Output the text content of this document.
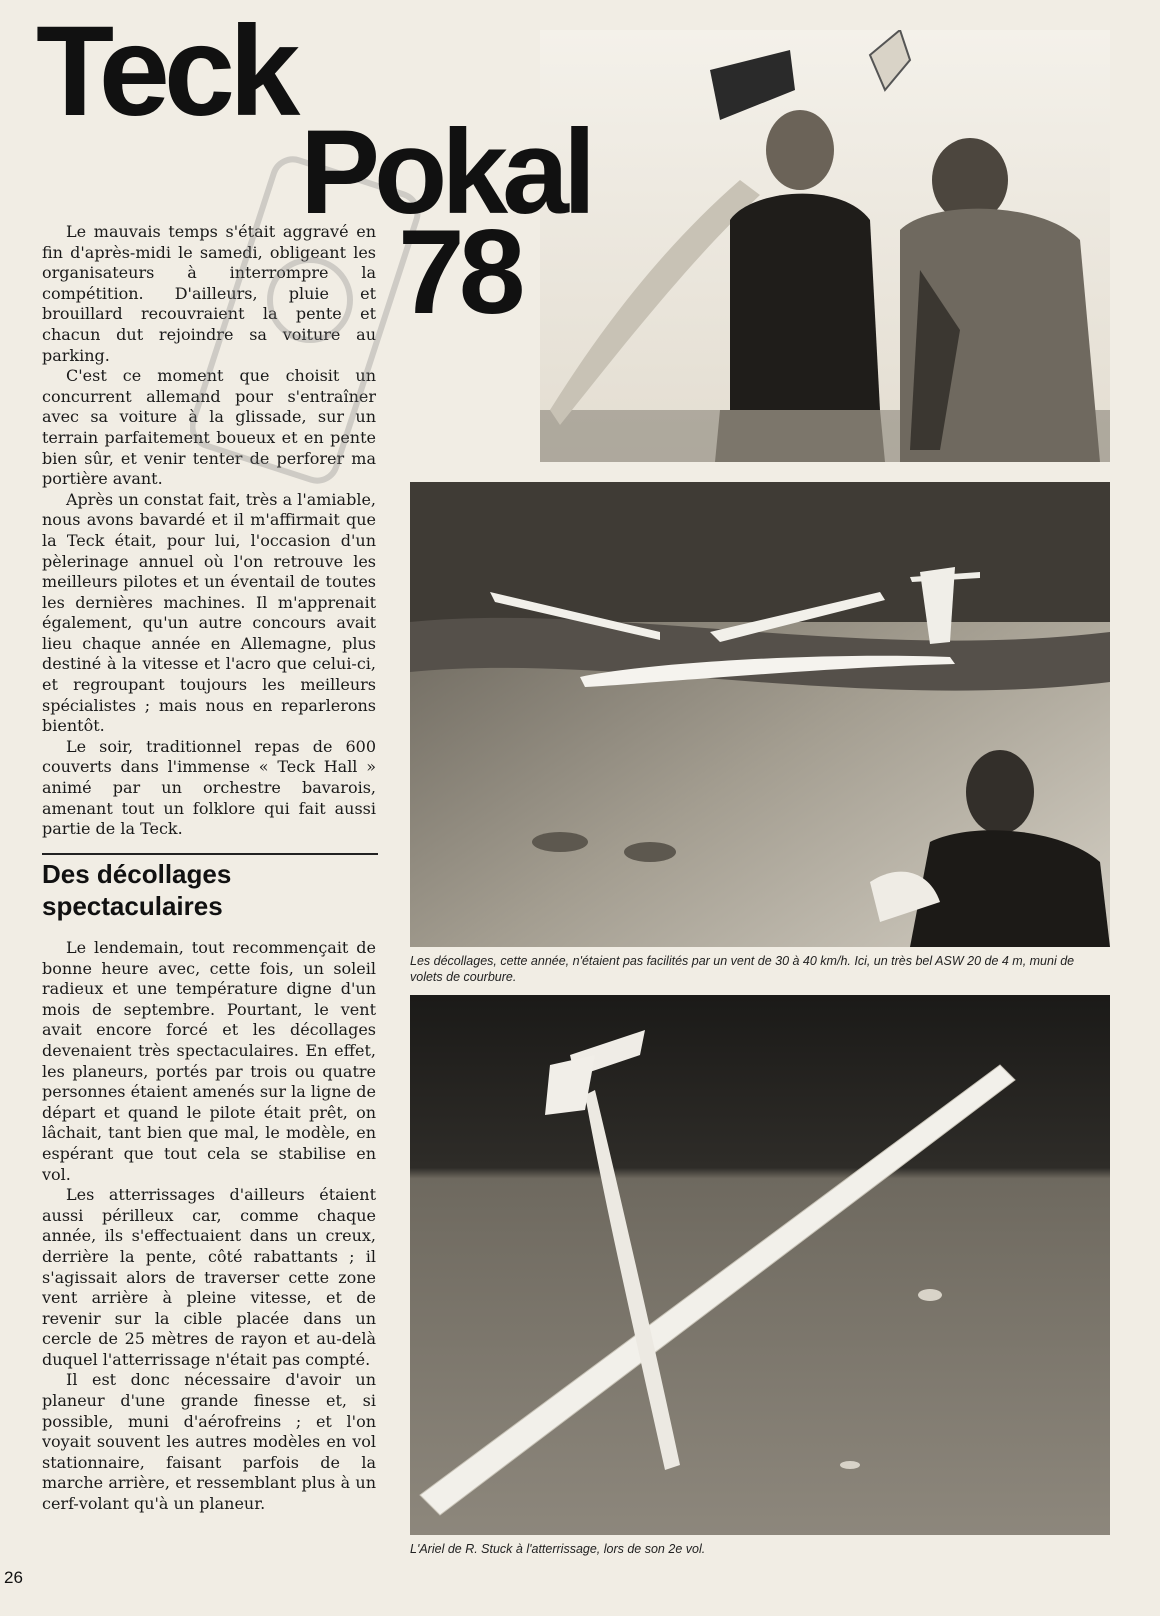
Teck
Pokal
78

Le mauvais temps s'était aggravé en fin d'après-midi le samedi, obligeant les organisateurs à interrompre la compétition. D'ailleurs, pluie et brouillard recouvraient la pente et chacun dut rejoindre sa voiture au parking.

C'est ce moment que choisit un concurrent allemand pour s'entraîner avec sa voiture à la glissade, sur un terrain parfaitement boueux et en pente bien sûr, et venir tenter de perforer ma portière avant.

Après un constat fait, très a l'amiable, nous avons bavardé et il m'affirmait que la Teck était, pour lui, l'occasion d'un pèlerinage annuel où l'on retrouve les meilleurs pilotes et un éventail de toutes les dernières machines. Il m'apprenait également, qu'un autre concours avait lieu chaque année en Allemagne, plus destiné à la vitesse et l'acro que celui-ci, et regroupant toujours les meilleurs spécialistes ; mais nous en reparlerons bientôt.

Le soir, traditionnel repas de 600 couverts dans l'immense « Teck Hall » animé par un orchestre bavarois, amenant tout un folklore qui fait aussi partie de la Teck.

Des décollages spectaculaires

Le lendemain, tout recommençait de bonne heure avec, cette fois, un soleil radieux et une température digne d'un mois de septembre. Pourtant, le vent avait encore forcé et les décollages devenaient très spectaculaires. En effet, les planeurs, portés par trois ou quatre personnes étaient amenés sur la ligne de départ et quand le pilote était prêt, on lâchait, tant bien que mal, le modèle, en espérant que tout cela se stabilise en vol.

Les atterrissages d'ailleurs étaient aussi périlleux car, comme chaque année, ils s'effectuaient dans un creux, derrière la pente, côté rabattants ; il s'agissait alors de traverser cette zone vent arrière à pleine vitesse, et de revenir sur la cible placée dans un cercle de 25 mètres de rayon et au-delà duquel l'atterrissage n'était pas compté.

Il est donc nécessaire d'avoir un planeur d'une grande finesse et, si possible, muni d'aérofreins ; et l'on voyait souvent les autres modèles en vol stationnaire, faisant parfois de la marche arrière, et ressemblant plus à un cerf-volant qu'à un planeur.

Les décollages, cette année, n'étaient pas facilités par un vent de 30 à 40 km/h. Ici, un très bel ASW 20 de 4 m, muni de volets de courbure.

L'Ariel de R. Stuck à l'atterrissage, lors de son 2e vol.

26
